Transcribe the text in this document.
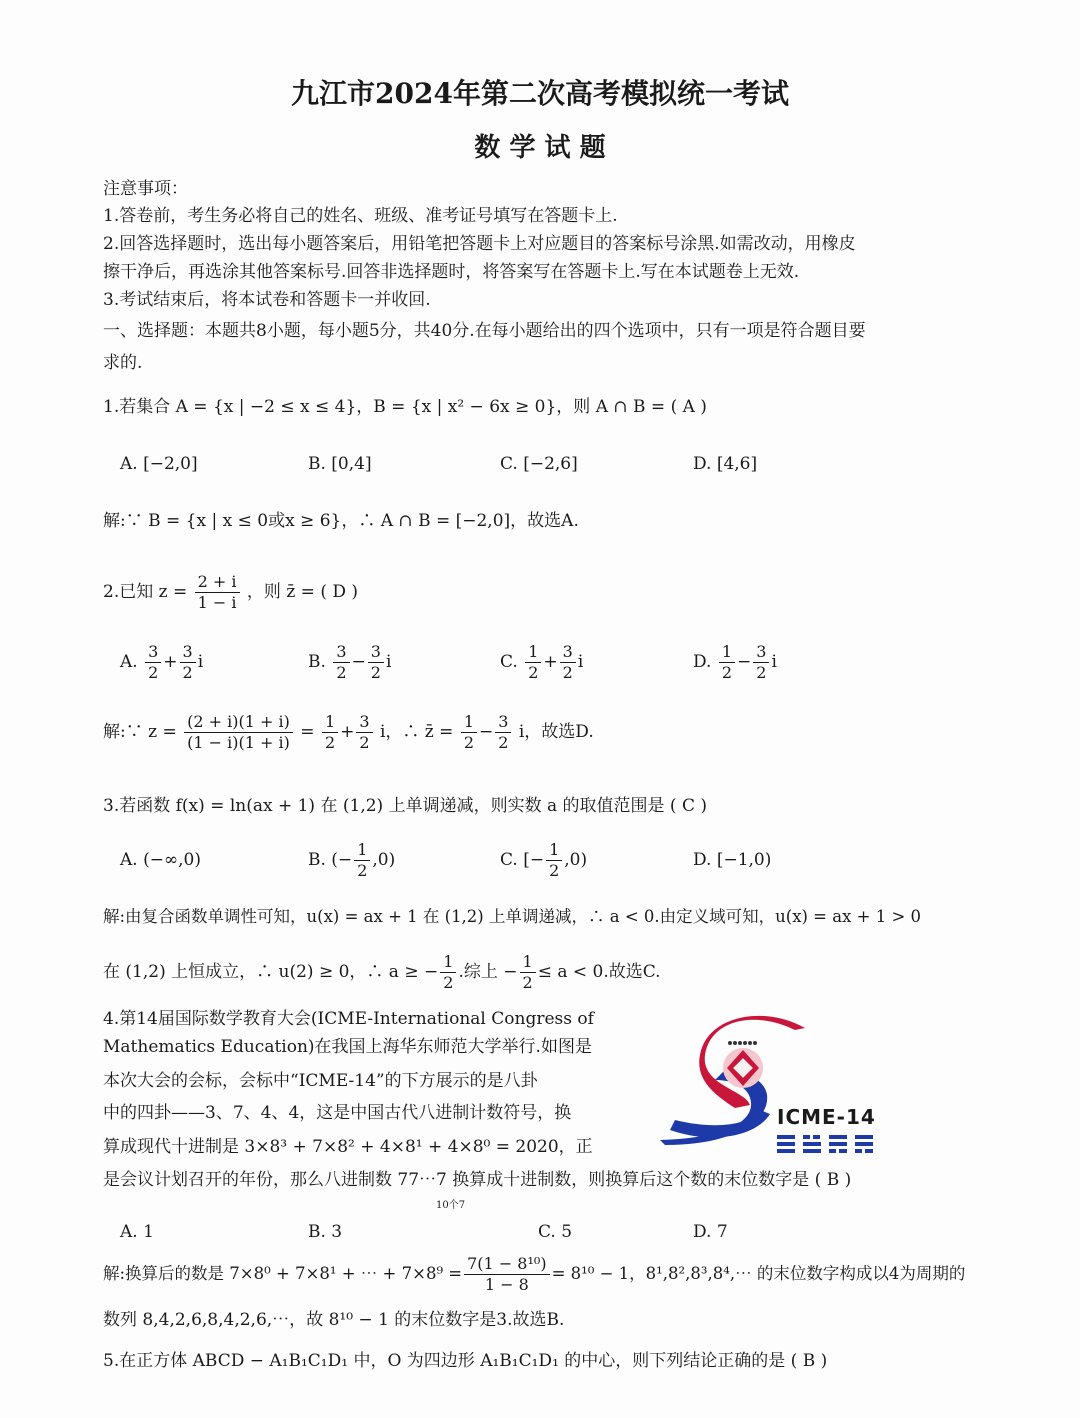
九江市2024年第二次高考模拟统一考试
数 学 试 题
注意事项：
1.答卷前，考生务必将自己的姓名、班级、准考证号填写在答题卡上.
2.回答选择题时，选出每小题答案后，用铅笔把答题卡上对应题目的答案标号涂黑.如需改动，用橡皮
擦干净后，再选涂其他答案标号.回答非选择题时，将答案写在答题卡上.写在本试题卷上无效.
3.考试结束后，将本试卷和答题卡一并收回.
一、选择题：本题共8小题，每小题5分，共40分.在每小题给出的四个选项中，只有一项是符合题目要
求的.
1.若集合 A = {x | −2 ≤ x ≤ 4}，B = {x | x² − 6x ≥ 0}，则 A ∩ B = ( A )
A. [−2,0]	B. [0,4]	C. [−2,6]	D. [4,6]
解:∵ B = {x | x ≤ 0或x ≥ 6}，∴ A ∩ B = [−2,0]，故选A.
2.已知 $z = \frac{2 + i}{1 - i}$ ，则 z̄ = ( D )
A. $\frac{3}{2} + \frac{3}{2}$ i	B. $\frac{3}{2} - \frac{3}{2}$ i	C. $\frac{1}{2} + \frac{3}{2}$ i	D. $\frac{1}{2} - \frac{3}{2}$ i
解:∵ $z = \frac{(2 + i)(1 + i)}{(1 - i)(1 + i)} = \frac{1}{2} + \frac{3}{2}$ i，∴ z̄ = $\frac{1}{2} - \frac{3}{2}$ i，故选D.
3.若函数 f(x) = ln(ax + 1) 在 (1,2) 上单调递减，则实数 a 的取值范围是 ( C )
A. (−∞,0)	B. (− $\frac{1}{2} ,0$)	C. [− $\frac{1}{2} ,0$)	D. [−1,0)
解:由复合函数单调性可知，u(x) = ax + 1 在 (1,2) 上单调递减，∴ a < 0.由定义域可知，u(x) = ax + 1 > 0
在 (1,2) 上恒成立，∴ u(2) ≥ 0，∴ a ≥ − $\frac{1}{2}$ .综上 − $\frac{1}{2} \le a < 0$.故选C.
4.第14届国际数学教育大会(ICME-International Congress of
Mathematics Education)在我国上海华东师范大学举行.如图是
本次大会的会标，会标中“ICME-14”的下方展示的是八卦
中的四卦——3、7、4、4，这是中国古代八进制计数符号，换
算成现代十进制是 3×8³ + 7×8² + 4×8¹ + 4×8⁰ = 2020，正
是会议计划召开的年份，那么八进制数 77⋯7 换算成十进制数，则换算后这个数的末位数字是 ( B )
10个7
ICME-14
A. 1	B. 3	C. 5	D. 7
解:换算后的数是 7×8⁰ + 7×8¹ + ⋯ + $7\times 8^9 = \frac{\text{7(1 − 8¹⁰)}}{1 - 8} = 8^{10} - 1$，8¹,8²,8³,8⁴,⋯ 的末位数字构成以4为周期的
数列 8,4,2,6,8,4,2,6,⋯，故 8¹⁰ − 1 的末位数字是3.故选B.
5.在正方体 ABCD − A₁B₁C₁D₁ 中，O 为四边形 A₁B₁C₁D₁ 的中心，则下列结论正确的是 ( B )
